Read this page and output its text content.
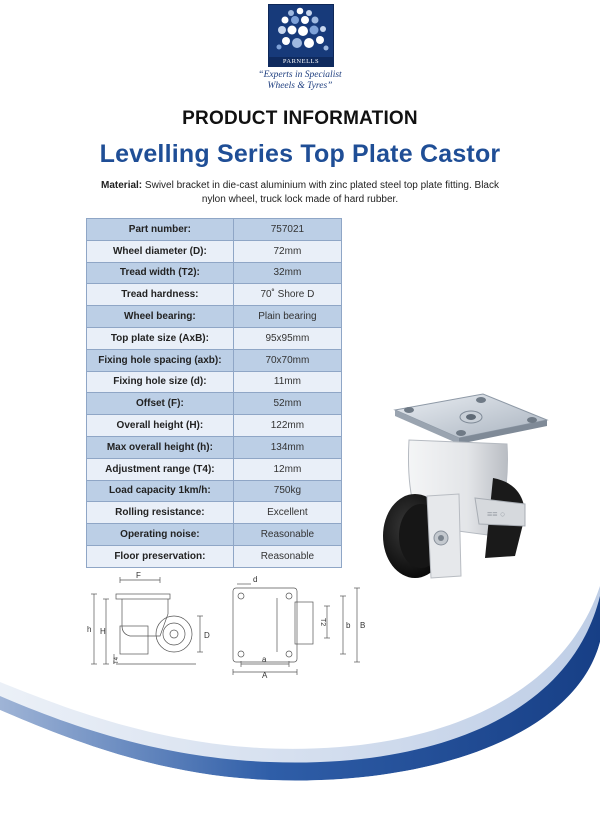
PARNELLS
“Experts in Specialist
Wheels & Tyres”
PRODUCT INFORMATION
Levelling Series Top Plate Castor
Material: Swivel bracket in die-cast aluminium with zinc plated steel top plate fitting. Black nylon wheel, truck lock made of hard rubber.
Part number:	757021
Wheel diameter (D):	72mm
Tread width (T2):	32mm
Tread hardness:	70˚ Shore D
Wheel bearing:	Plain bearing
Top plate size (AxB):	95x95mm
Fixing hole spacing (axb):	70x70mm
Fixing hole size (d):	11mm
Offset (F):	52mm
Overall height (H):	122mm
Max overall height (h):	134mm
Adjustment range (T4):	12mm
Load capacity 1km/h:	750kg
Rolling resistance:	Excellent
Operating noise:	Reasonable
Floor preservation:	Reasonable
≡≡ ○
F
h H	D
T4
d
T2	b B
a
A
